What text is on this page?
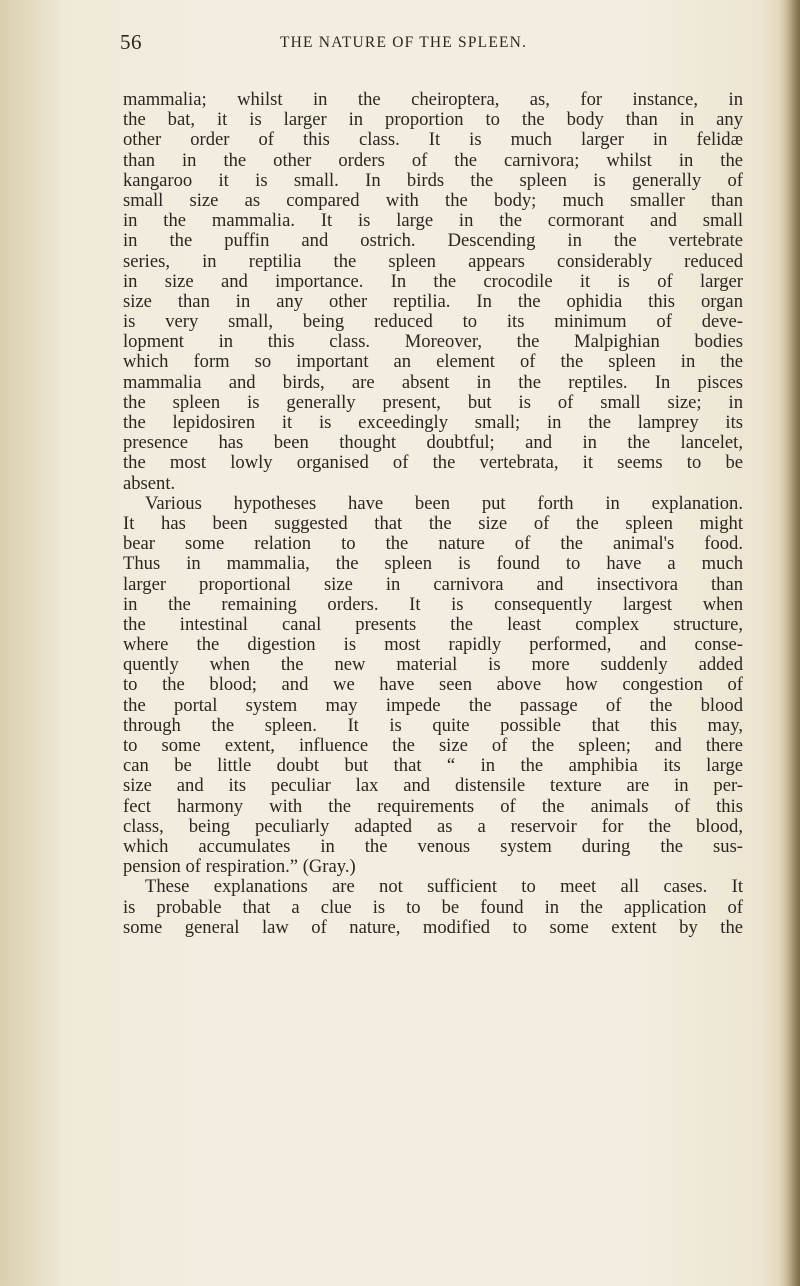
56	THE NATURE OF THE SPLEEN.
mammalia; whilst in the cheiroptera, as, for instance, in
the bat, it is larger in proportion to the body than in any
other order of this class. It is much larger in felidæ
than in the other orders of the carnivora; whilst in the
kangaroo it is small. In birds the spleen is generally of
small size as compared with the body; much smaller than
in the mammalia. It is large in the cormorant and small
in the puffin and ostrich. Descending in the vertebrate
series, in reptilia the spleen appears considerably reduced
in size and importance. In the crocodile it is of larger
size than in any other reptilia. In the ophidia this organ
is very small, being reduced to its minimum of deve-
lopment in this class. Moreover, the Malpighian bodies
which form so important an element of the spleen in the
mammalia and birds, are absent in the reptiles. In pisces
the spleen is generally present, but is of small size; in
the lepidosiren it is exceedingly small; in the lamprey its
presence has been thought doubtful; and in the lancelet,
the most lowly organised of the vertebrata, it seems to be
absent.
Various hypotheses have been put forth in explanation.
It has been suggested that the size of the spleen might
bear some relation to the nature of the animal's food.
Thus in mammalia, the spleen is found to have a much
larger proportional size in carnivora and insectivora than
in the remaining orders. It is consequently largest when
the intestinal canal presents the least complex structure,
where the digestion is most rapidly performed, and conse-
quently when the new material is more suddenly added
to the blood; and we have seen above how congestion of
the portal system may impede the passage of the blood
through the spleen. It is quite possible that this may,
to some extent, influence the size of the spleen; and there
can be little doubt but that “ in the amphibia its large
size and its peculiar lax and distensile texture are in per-
fect harmony with the requirements of the animals of this
class, being peculiarly adapted as a reservoir for the blood,
which accumulates in the venous system during the sus-
pension of respiration.” (Gray.)
These explanations are not sufficient to meet all cases. It
is probable that a clue is to be found in the application of
some general law of nature, modified to some extent by the
